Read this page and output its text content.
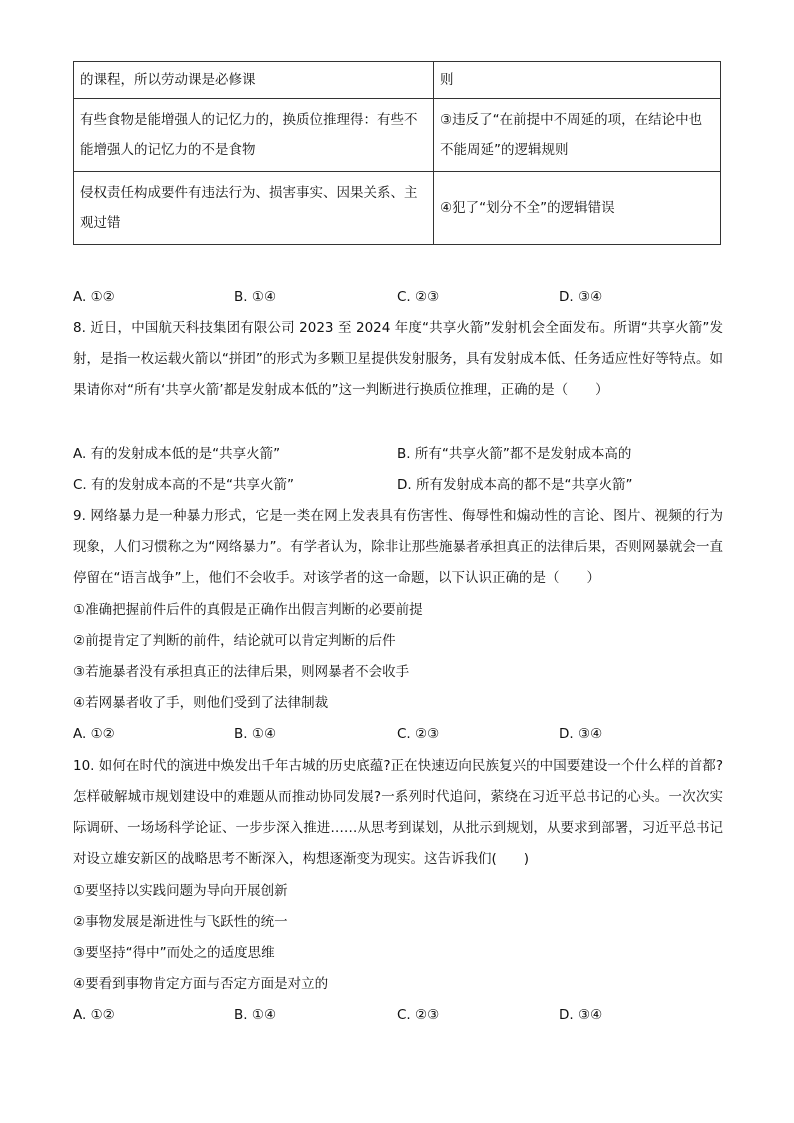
的课程，所以劳动课是必修课	则
有些食物是能增强人的记忆力的，换质位推理得：有些不能增强人的记忆力的不是食物	③违反了“在前提中不周延的项，在结论中也不能周延”的逻辑规则
侵权责任构成要件有违法行为、损害事实、因果关系、主观过错	④犯了“划分不全”的逻辑错误
A. ①②	B. ①④	C. ②③	D. ③④
8. 近日，中国航天科技集团有限公司 2023 至 2024 年度“共享火箭”发射机会全面发布。所谓“共享火箭”发射，是指一枚运载火箭以“拼团”的形式为多颗卫星提供发射服务，具有发射成本低、任务适应性好等特点。如果请你对“所有‘共享火箭’都是发射成本低的”这一判断进行换质位推理，正确的是（　　）
A. 有的发射成本低的是“共享火箭”	B. 所有“共享火箭”都不是发射成本高的
C. 有的发射成本高的不是“共享火箭”	D. 所有发射成本高的都不是“共享火箭”
9. 网络暴力是一种暴力形式，它是一类在网上发表具有伤害性、侮辱性和煽动性的言论、图片、视频的行为现象，人们习惯称之为“网络暴力”。有学者认为，除非让那些施暴者承担真正的法律后果，否则网暴就会一直停留在“语言战争”上，他们不会收手。对该学者的这一命题，以下认识正确的是（　　）
①准确把握前件后件的真假是正确作出假言判断的必要前提
②前提肯定了判断的前件，结论就可以肯定判断的后件
③若施暴者没有承担真正的法律后果，则网暴者不会收手
④若网暴者收了手，则他们受到了法律制裁
A. ①②	B. ①④	C. ②③	D. ③④
10. 如何在时代的演进中焕发出千年古城的历史底蕴?正在快速迈向民族复兴的中国要建设一个什么样的首都?怎样破解城市规划建设中的难题从而推动协同发展?一系列时代追问，萦绕在习近平总书记的心头。一次次实际调研、一场场科学论证、一步步深入推进……从思考到谋划，从批示到规划，从要求到部署，习近平总书记对设立雄安新区的战略思考不断深入，构想逐渐变为现实。这告诉我们(　　)
①要坚持以实践问题为导向开展创新
②事物发展是渐进性与飞跃性的统一
③要坚持“得中”而处之的适度思维
④要看到事物肯定方面与否定方面是对立的
A. ①②	B. ①④	C. ②③	D. ③④
